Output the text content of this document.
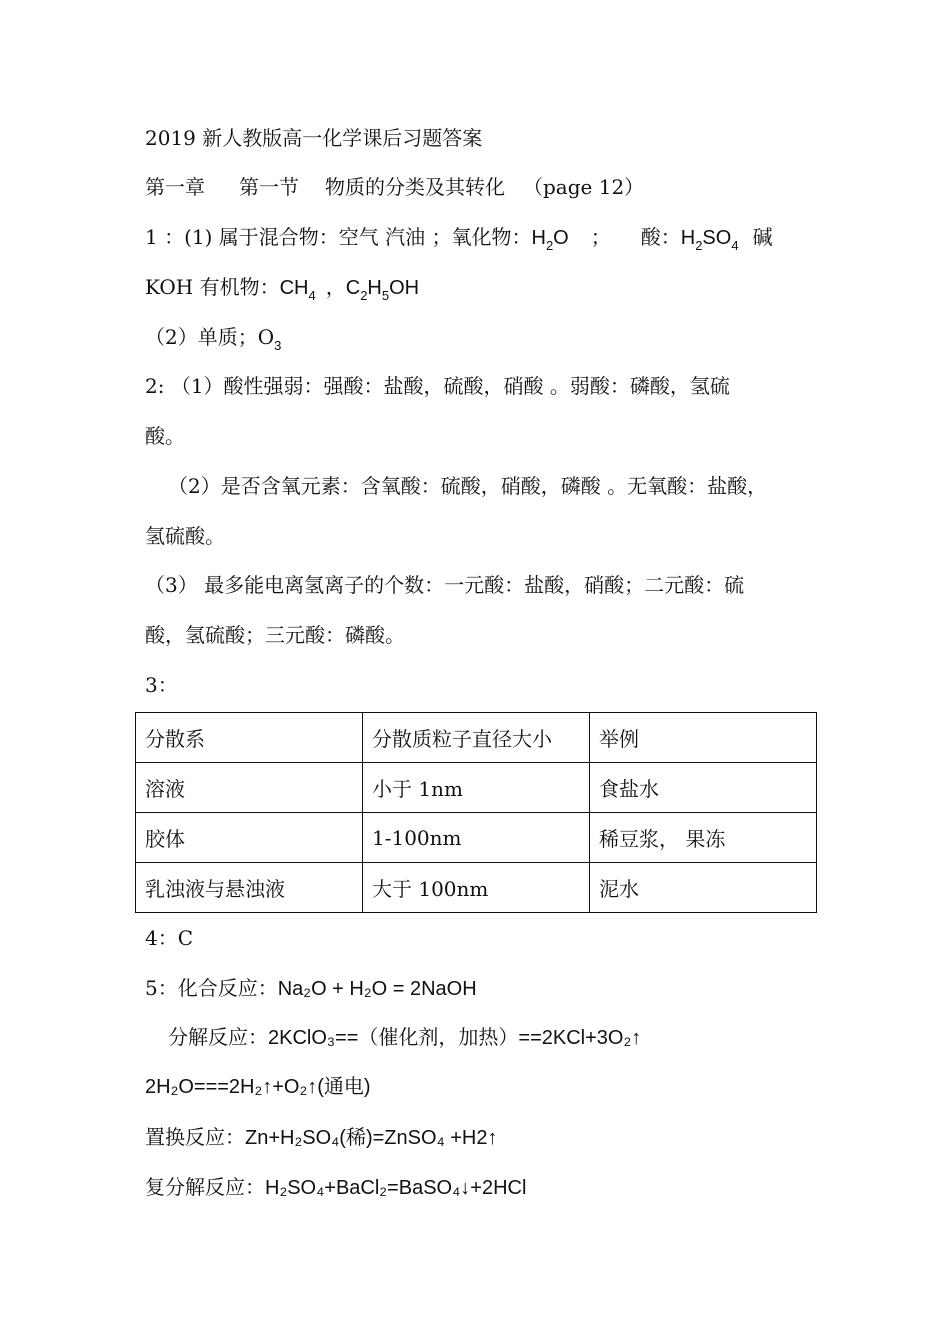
2019 新人教版高一化学课后习题答案
第一章 第一节 物质的分类及其转化 （page 12）
1 ：(1) 属于混合物：空气 汽油 ；氧化物：$H_2O$ ； 酸：$H_2SO_4$ 碱
KOH 有机物：$CH_4$ ，$C_2H_5OH$
（2）单质；$O_3$
2: （1）酸性强弱：强酸：盐酸，硫酸，硝酸 。弱酸：磷酸，氢硫
酸。
（2）是否含氧元素：含氧酸：硫酸，硝酸，磷酸 。无氧酸：盐酸，
氢硫酸。
（3） 最多能电离氢离子的个数：一元酸：盐酸，硝酸；二元酸：硫
酸，氢硫酸；三元酸：磷酸。
3：
分散系	分散质粒子直径大小	举例
溶液	小于 1nm	食盐水
胶体	1-100nm	稀豆浆， 果冻
乳浊液与悬浊液	大于 100nm	泥水
4：C
5：化合反应：Na₂O + H₂O = 2NaOH
分解反应：2KClO₃==（催化剂，加热）==2KCl+3O₂↑
2H₂O===2H₂↑+O₂↑(通电)
置换反应：Zn+H₂SO₄(稀)=ZnSO₄ +H2↑
复分解反应：H₂SO₄+BaCl₂=BaSO₄↓+2HCl
